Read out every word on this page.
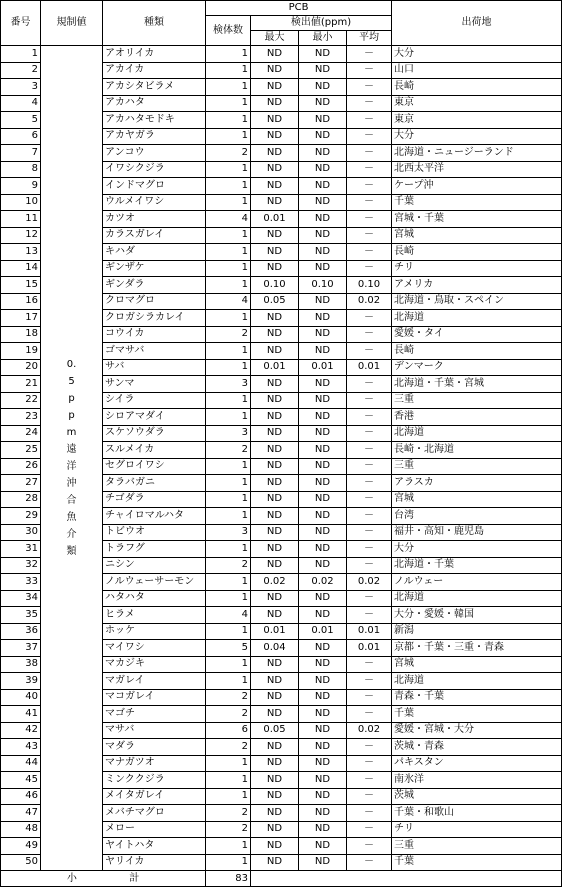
番号	規制値	種類	PCB				出荷地
			検体数	検出値(ppm)			
				最大	最小	平均	
1	0.5ppm遠洋沖合魚介類	アオリイカ	1	ND	ND	－	大分
2		アカイカ	1	ND	ND	－	山口
3		アカシタビラメ	1	ND	ND	－	長崎
4		アカハタ	1	ND	ND	－	東京
5		アカハタモドキ	1	ND	ND	－	東京
6		アカヤガラ	1	ND	ND	－	大分
7		アンコウ	2	ND	ND	－	北海道・ニュージーランド
8		イワシクジラ	1	ND	ND	－	北西太平洋
9		インドマグロ	1	ND	ND	－	ケープ沖
10		ウルメイワシ	1	ND	ND	－	千葉
11		カツオ	4	0.01	ND	－	宮城・千葉
12		カラスガレイ	1	ND	ND	－	宮城
13		キハダ	1	ND	ND	－	長崎
14		ギンザケ	1	ND	ND	－	チリ
15		ギンダラ	1	0.10	0.10	0.10	アメリカ
16		クロマグロ	4	0.05	ND	0.02	北海道・鳥取・スペイン
17		クロガシラカレイ	1	ND	ND	－	北海道
18		コウイカ	2	ND	ND	－	愛媛・タイ
19		ゴマサバ	1	ND	ND	－	長崎
20		サバ	1	0.01	0.01	0.01	デンマーク
21		サンマ	3	ND	ND	－	北海道・千葉・宮城
22		シイラ	1	ND	ND	－	三重
23		シロアマダイ	1	ND	ND	－	香港
24		スケソウダラ	3	ND	ND	－	北海道
25		スルメイカ	2	ND	ND	－	長崎・北海道
26		セグロイワシ	1	ND	ND	－	三重
27		タラバガニ	1	ND	ND	－	アラスカ
28		チゴダラ	1	ND	ND	－	宮城
29		チャイロマルハタ	1	ND	ND	－	台湾
30		トビウオ	3	ND	ND	－	福井・高知・鹿児島
31		トラフグ	1	ND	ND	－	大分
32		ニシン	2	ND	ND	－	北海道・千葉
33		ノルウェーサーモン	1	0.02	0.02	0.02	ノルウェー
34		ハタハタ	1	ND	ND	－	北海道
35		ヒラメ	4	ND	ND	－	大分・愛媛・韓国
36		ホッケ	1	0.01	0.01	0.01	新潟
37		マイワシ	5	0.04	ND	0.01	京都・千葉・三重・青森
38		マカジキ	1	ND	ND	－	宮城
39		マガレイ	1	ND	ND	－	北海道
40		マコガレイ	2	ND	ND	－	青森・千葉
41		マゴチ	2	ND	ND	－	千葉
42		マサバ	6	0.05	ND	0.02	愛媛・宮城・大分
43		マダラ	2	ND	ND	－	茨城・青森
44		マナガツオ	1	ND	ND	－	パキスタン
45		ミンククジラ	1	ND	ND	－	南氷洋
46		メイタガレイ	1	ND	ND	－	茨城
47		メバチマグロ	2	ND	ND	－	千葉・和歌山
48		メロー	2	ND	ND	－	チリ
49		ヤイトハタ	1	ND	ND	－	三重
50		ヤリイカ	1	ND	ND	－	千葉
小 計			83				
